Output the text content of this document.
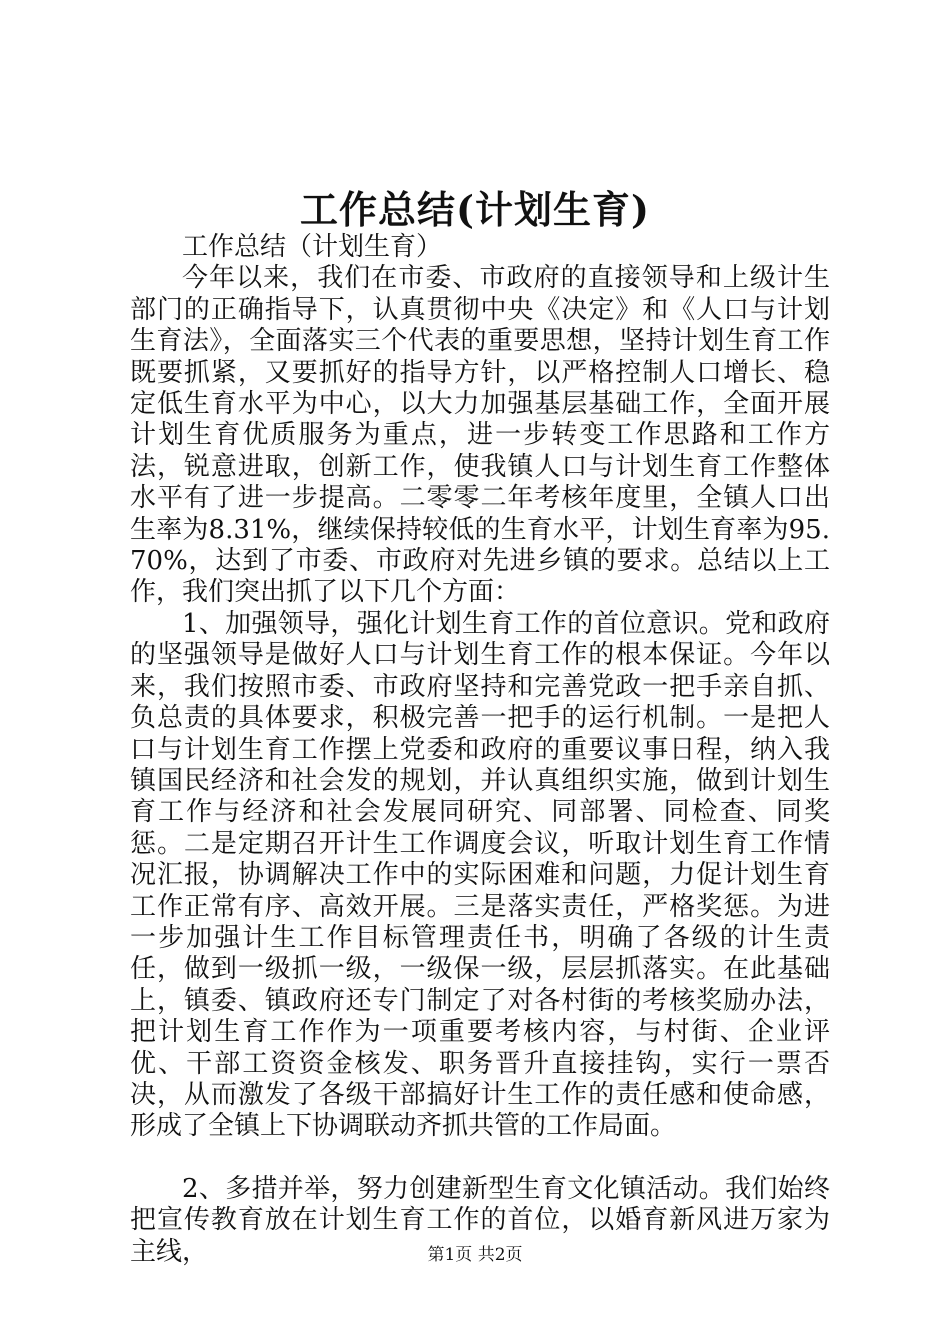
工作总结(计划生育)

工作总结（计划生育）

今年以来，我们在市委、市政府的直接领导和上级计生部门的正确指导下，认真贯彻中央《决定》和《人口与计划生育法》，全面落实三个代表的重要思想，坚持计划生育工作既要抓紧，又要抓好的指导方针，以严格控制人口增长、稳定低生育水平为中心，以大力加强基层基础工作，全面开展计划生育优质服务为重点，进一步转变工作思路和工作方法，锐意进取，创新工作，使我镇人口与计划生育工作整体水平有了进一步提高。二零零二年考核年度里，全镇人口出生率为8.31%，继续保持较低的生育水平，计划生育率为95.70%，达到了市委、市政府对先进乡镇的要求。总结以上工作，我们突出抓了以下几个方面：

1、加强领导，强化计划生育工作的首位意识。党和政府的坚强领导是做好人口与计划生育工作的根本保证。今年以来，我们按照市委、市政府坚持和完善党政一把手亲自抓、负总责的具体要求，积极完善一把手的运行机制。一是把人口与计划生育工作摆上党委和政府的重要议事日程，纳入我镇国民经济和社会发的规划，并认真组织实施，做到计划生育工作与经济和社会发展同研究、同部署、同检查、同奖惩。二是定期召开计生工作调度会议，听取计划生育工作情况汇报，协调解决工作中的实际困难和问题，力促计划生育工作正常有序、高效开展。三是落实责任，严格奖惩。为进一步加强计生工作目标管理责任书，明确了各级的计生责任，做到一级抓一级，一级保一级，层层抓落实。在此基础上，镇委、镇政府还专门制定了对各村街的考核奖励办法，把计划生育工作作为一项重要考核内容，与村街、企业评优、干部工资资金核发、职务晋升直接挂钩，实行一票否决，从而激发了各级干部搞好计生工作的责任感和使命感，形成了全镇上下协调联动齐抓共管的工作局面。

2、多措并举，努力创建新型生育文化镇活动。我们始终把宣传教育放在计划生育工作的首位，以婚育新风进万家为主线，	第1页 共2页
